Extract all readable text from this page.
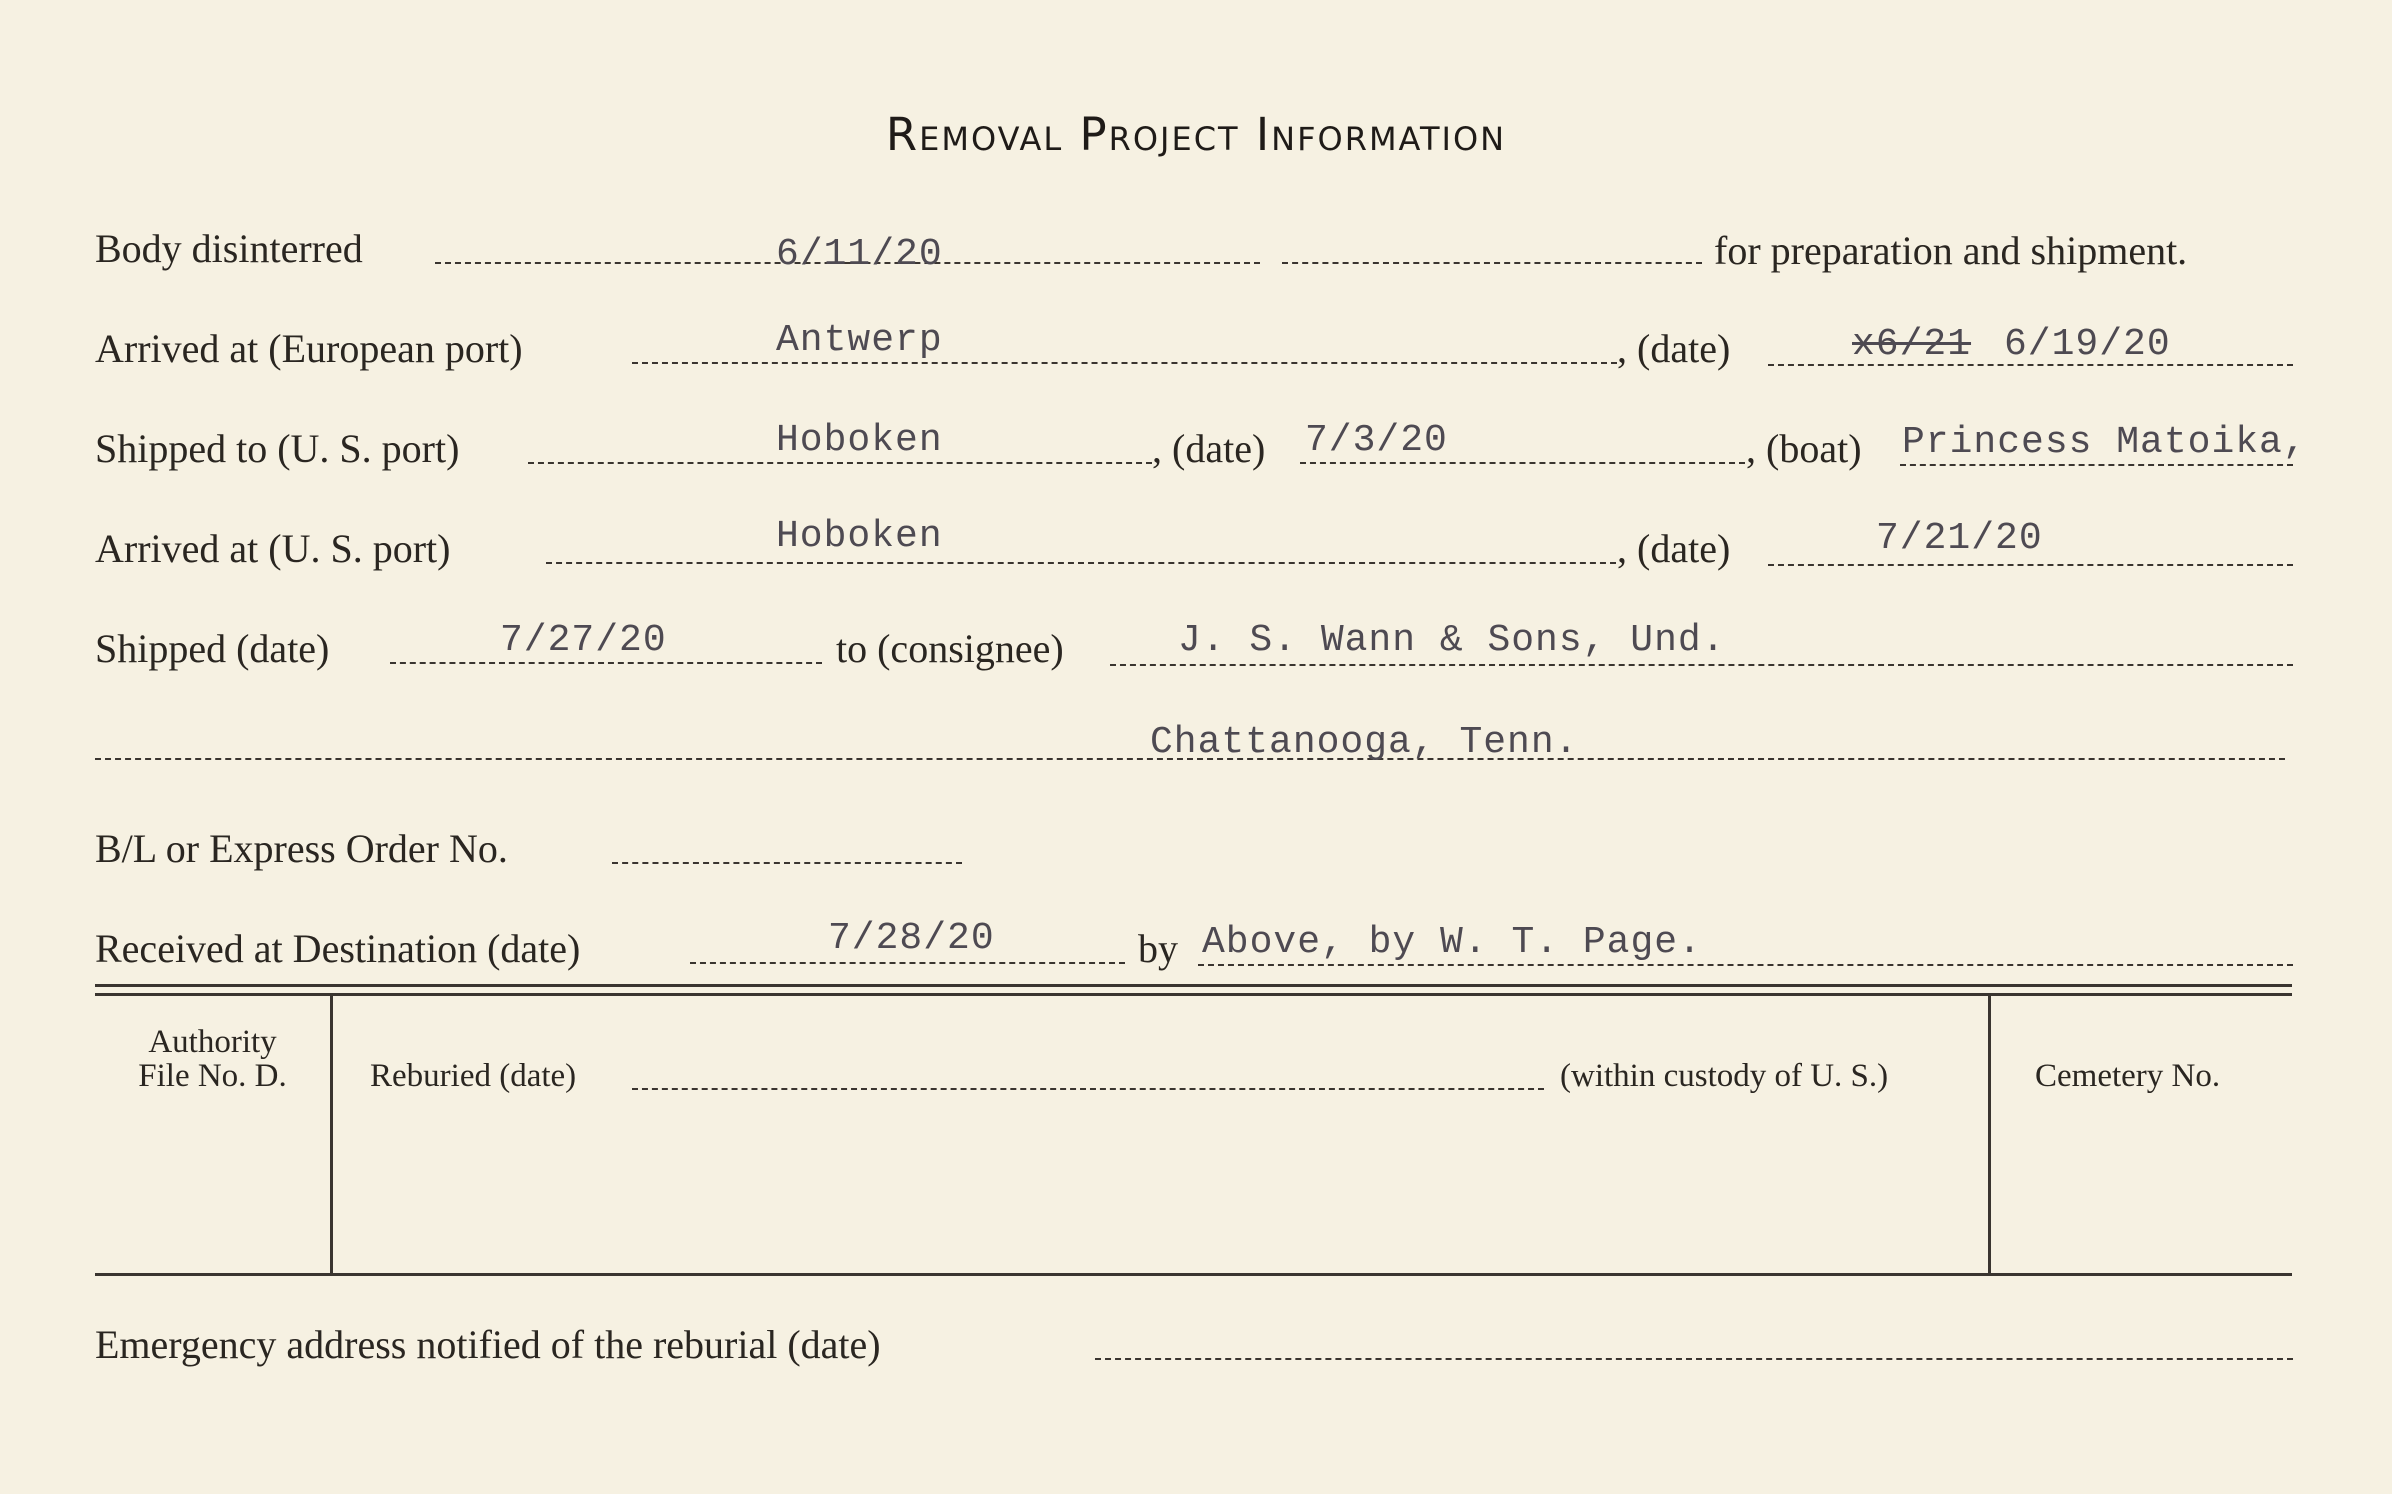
Removal Project Information
Body disinterred	6/11/20	for preparation and shipment.
Arrived at (European port)	Antwerp	, (date)	x6/21 6/19/20
Shipped to (U. S. port)	Hoboken	, (date) 7/3/20	, (boat) Princess Matoika,
Arrived at (U. S. port)	Hoboken	, (date)	7/21/20
Shipped (date)	7/27/20	to (consignee)	J. S. Wann & Sons, Und.
Chattanooga, Tenn.
B/L or Express Order No.
Received at Destination (date)	7/28/20	by Above, by W. T. Page.
Authority
File No. D.	Reburied (date)	(within custody of U. S.)	Cemetery No.
Emergency address notified of the reburial (date)
